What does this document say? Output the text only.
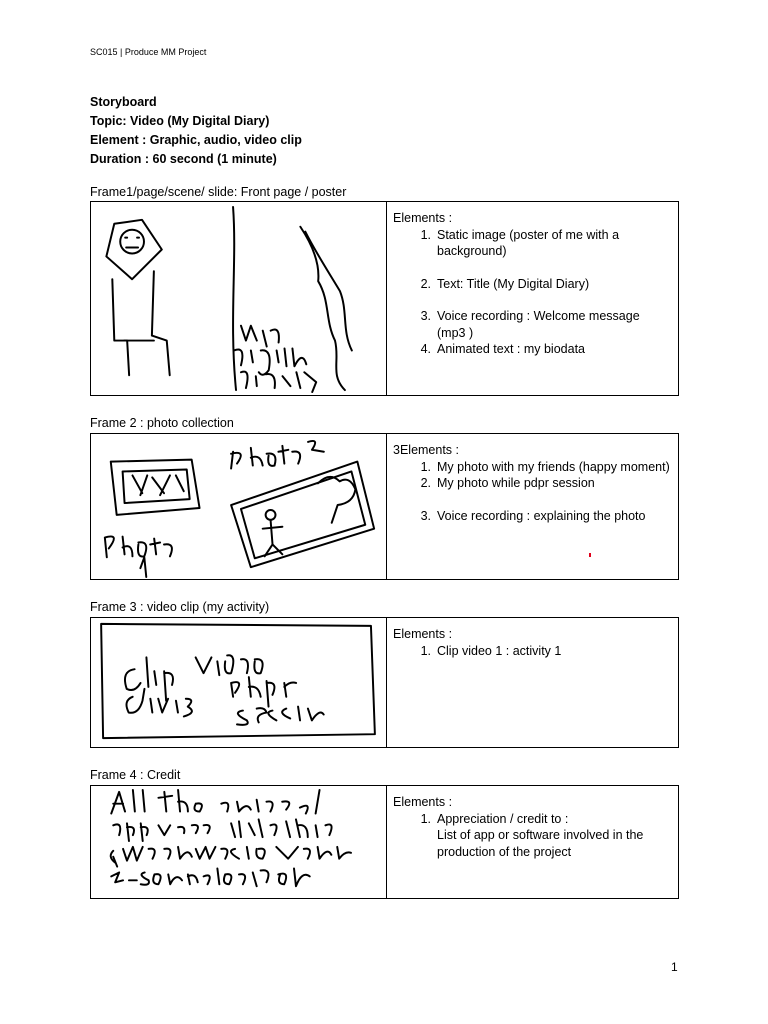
SC015 | Produce MM Project
Storyboard
Topic: Video (My Digital Diary)
Element : Graphic, audio, video clip
Duration : 60 second (1 minute)
Frame1/page/scene/ slide: Front page / poster

Elements :

1. Static image (poster of me with a background)
2. Text: Title (My Digital Diary)
3. Voice recording : Welcome message (mp3 )
4. Animated text : my biodata
Frame 2 : photo collection

3Elements :

1. My photo with my friends (happy moment)
2. My photo while pdpr session
3. Voice recording : explaining the photo
Frame 3 : video clip (my activity)

Elements :

1. Clip video 1 : activity 1
Frame 4 : Credit

Elements :

1. Appreciation / credit to :
List of app or software involved in the production of the project
1
